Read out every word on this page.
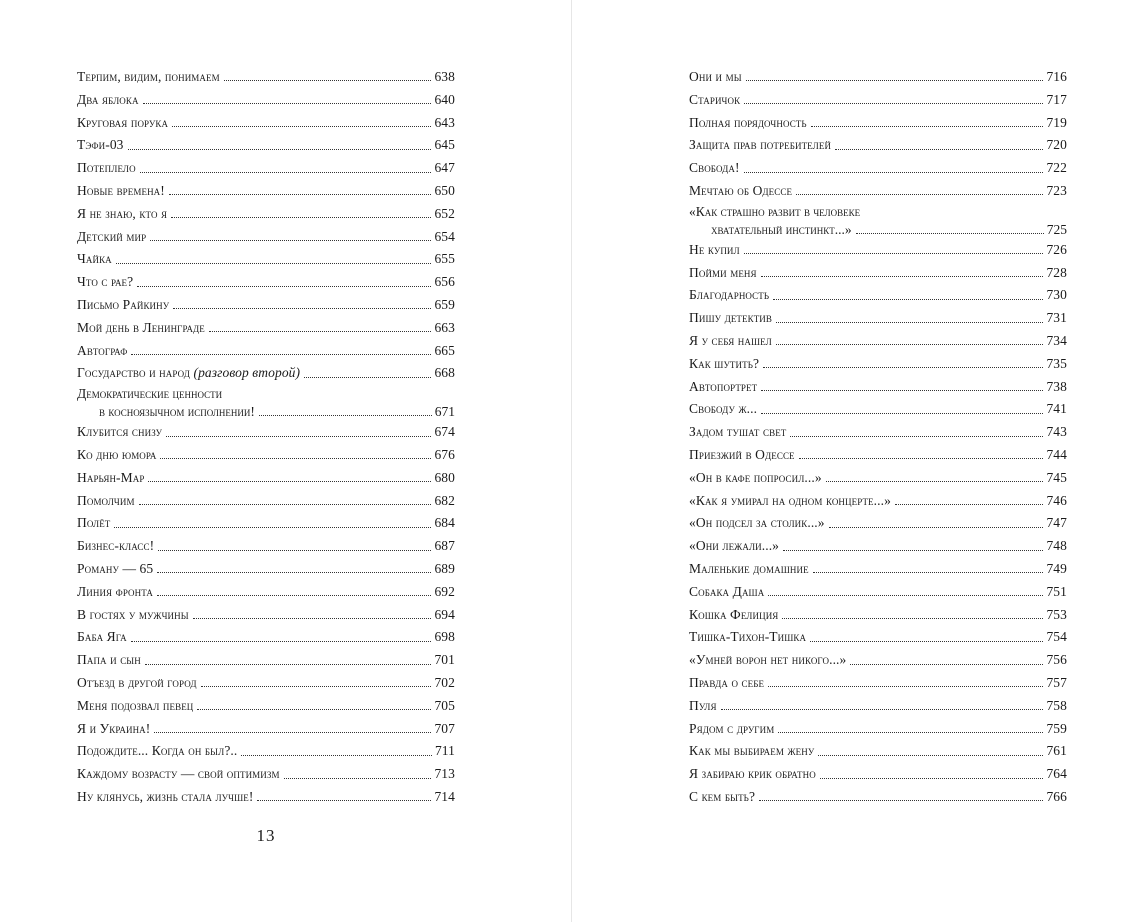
Терпим, видим, понимаем	638
Два яблока	640
Круговая порука	643
Тэфи-03	645
Потеплело	647
Новые времена!	650
Я не знаю, кто я	652
Детский мир	654
Чайка	655
Что с рае?	656
Письмо Райкину	659
Мой день в Ленинграде	663
Автограф	665
Государство и народ (разговор второй)	668
Демократические ценности
в косноязычном исполнении!	671
Клубится снизу	674
Ко дню юмора	676
Нарьян-Мар	680
Помолчим	682
Полёт	684
Бизнес-класс!	687
Роману — 65	689
Линия фронта	692
В гостях у мужчины	694
Баба Яга	698
Папа и сын	701
Отъезд в другой город	702
Меня подозвал певец	705
Я и Украина!	707
Подождите... Когда он был?..	711
Каждому возрасту — свой оптимизм	713
Ну клянусь, жизнь стала лучше!	714
13
Они и мы	716
Старичок	717
Полная порядочность	719
Защита прав потребителей	720
Свобода!	722
Мечтаю об Одессе	723
«Как страшно развит в человеке
хватательный инстинкт...»	725
Не купил	726
Пойми меня	728
Благодарность	730
Пишу детектив	731
Я у себя нашел	734
Как шутить?	735
Автопортрет	738
Свободу ж...	741
Задом тушат свет	743
Приезжий в Одессе	744
«Он в кафе попросил...»	745
«Как я умирал на одном концерте...»	746
«Он подсел за столик...»	747
«Они лежали...»	748
Маленькие домашние	749
Собака Даша	751
Кошка Фелиция	753
Тишка-Тихон-Тишка	754
«Умней ворон нет никого...»	756
Правда о себе	757
Пуля	758
Рядом с другим	759
Как мы выбираем жену	761
Я забираю крик обратно	764
С кем быть?	766
